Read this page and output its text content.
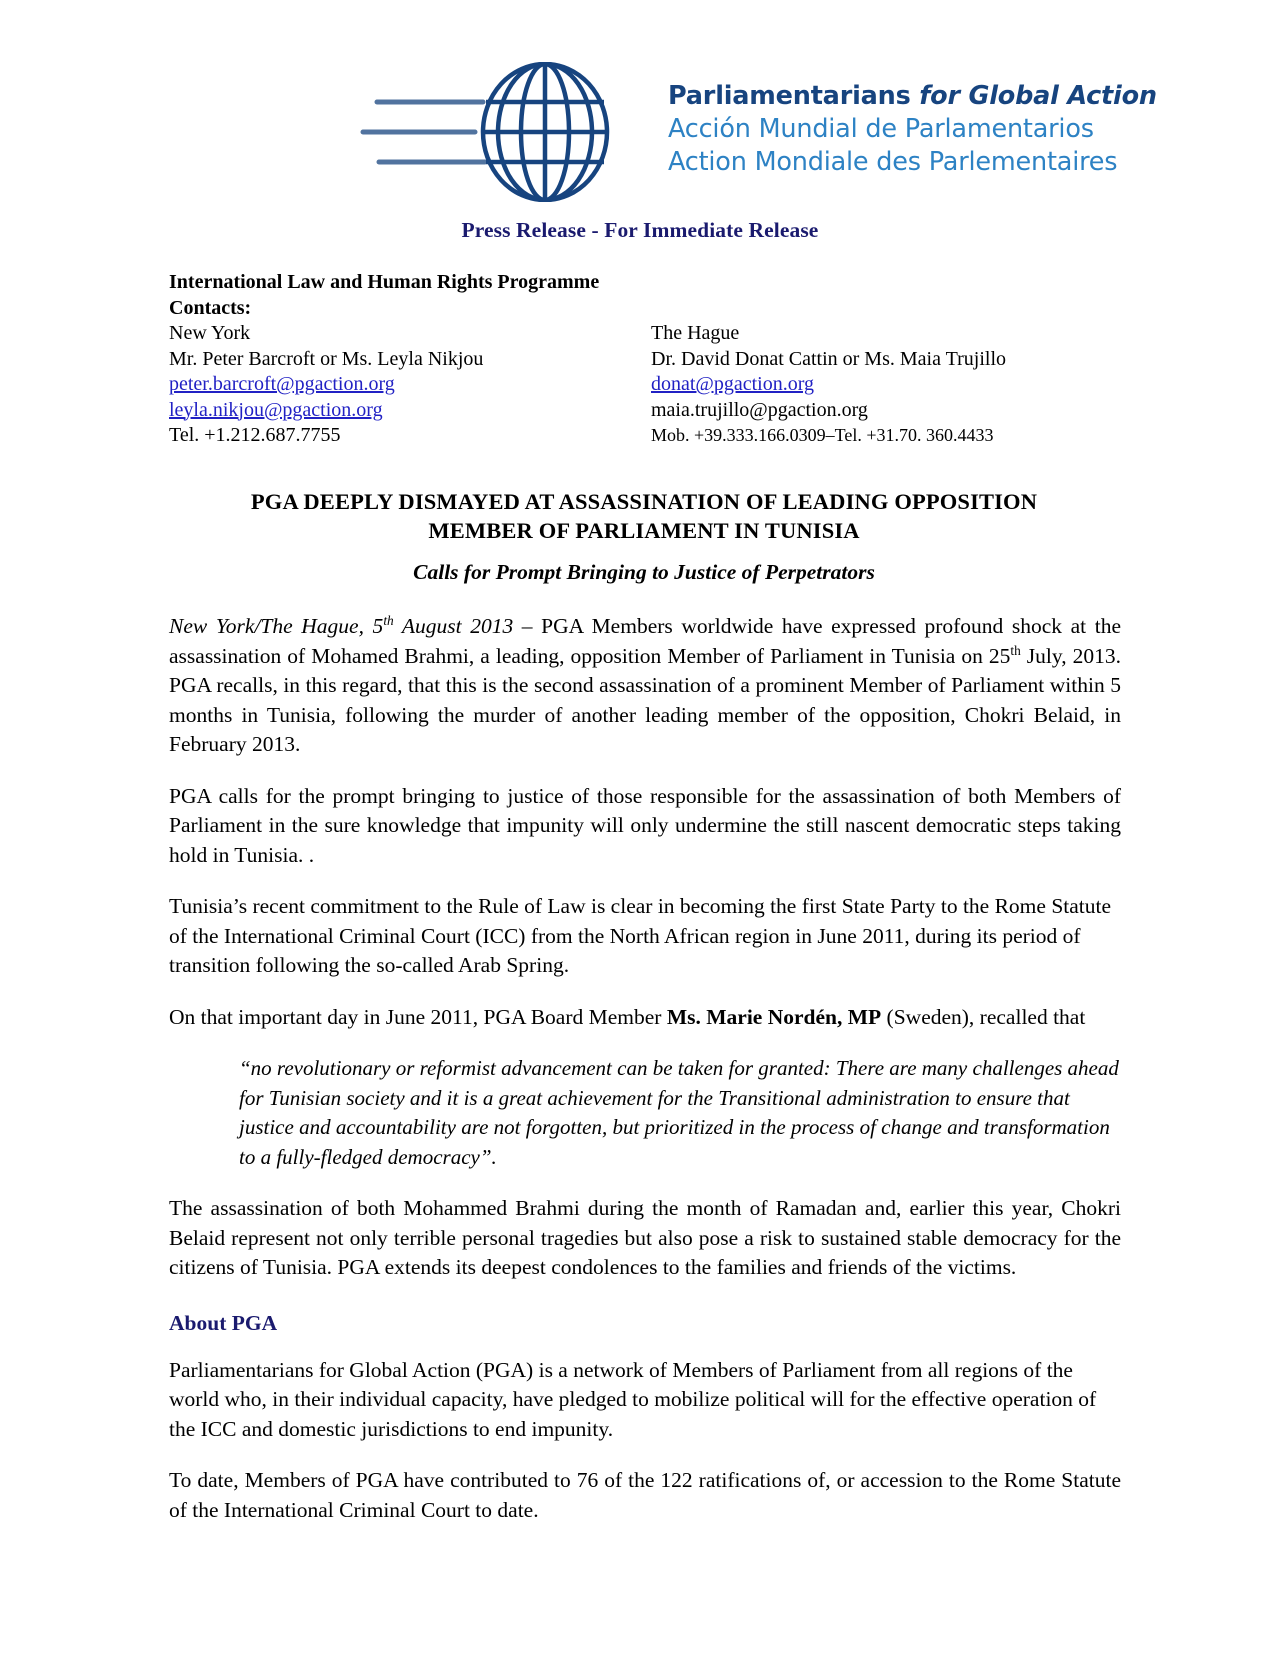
Parliamentarians for Global Action
Acción Mundial de Parlamentarios
Action Mondiale des Parlementaires
Press Release - For Immediate Release
International Law and Human Rights Programme
Contacts:
New York
Mr. Peter Barcroft or Ms. Leyla Nikjou
peter.barcroft@pgaction.org
leyla.nikjou@pgaction.org
Tel. +1.212.687.7755
The Hague
Dr. David Donat Cattin or Ms. Maia Trujillo
donat@pgaction.org
maia.trujillo@pgaction.org
Mob. +39.333.166.0309–Tel. +31.70. 360.4433
PGA DEEPLY DISMAYED AT ASSASSINATION OF LEADING OPPOSITION
MEMBER OF PARLIAMENT IN TUNISIA
Calls for Prompt Bringing to Justice of Perpetrators

New York/The Hague, 5th August 2013 – PGA Members worldwide have expressed profound shock at the assassination of Mohamed Brahmi, a leading, opposition Member of Parliament in Tunisia on 25th July, 2013. PGA recalls, in this regard, that this is the second assassination of a prominent Member of Parliament within 5 months in Tunisia, following the murder of another leading member of the opposition, Chokri Belaid, in February 2013.

PGA calls for the prompt bringing to justice of those responsible for the assassination of both Members of Parliament in the sure knowledge that impunity will only undermine the still nascent democratic steps taking hold in Tunisia. .

Tunisia’s recent commitment to the Rule of Law is clear in becoming the first State Party to the Rome Statute of the International Criminal Court (ICC) from the North African region in June 2011, during its period of transition following the so-called Arab Spring.

On that important day in June 2011, PGA Board Member Ms. Marie Nordén, MP (Sweden), recalled that

“no revolutionary or reformist advancement can be taken for granted: There are many challenges ahead for Tunisian society and it is a great achievement for the Transitional administration to ensure that justice and accountability are not forgotten, but prioritized in the process of change and transformation to a fully-fledged democracy”.

The assassination of both Mohammed Brahmi during the month of Ramadan and, earlier this year, Chokri Belaid represent not only terrible personal tragedies but also pose a risk to sustained stable democracy for the citizens of Tunisia. PGA extends its deepest condolences to the families and friends of the victims.

About PGA

Parliamentarians for Global Action (PGA) is a network of Members of Parliament from all regions of the world who, in their individual capacity, have pledged to mobilize political will for the effective operation of the ICC and domestic jurisdictions to end impunity.

To date, Members of PGA have contributed to 76 of the 122 ratifications of, or accession to the Rome Statute of the International Criminal Court to date.
